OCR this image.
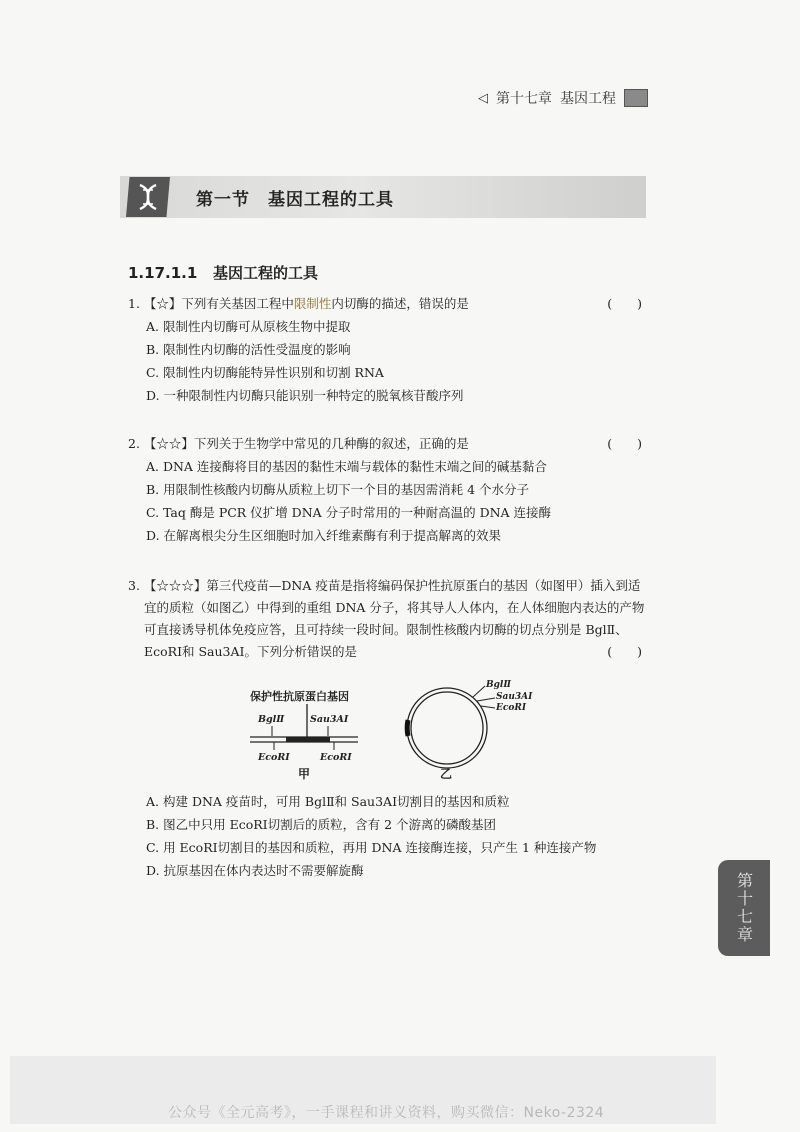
◁ 第十七章 基因工程
第一节　基因工程的工具
1.17.1.1 基因工程的工具
1. 【☆】下列有关基因工程中限制性内切酶的描述，错误的是	(　　)
A. 限制性内切酶可从原核生物中提取
B. 限制性内切酶的活性受温度的影响
C. 限制性内切酶能特异性识别和切割 RNA
D. 一种限制性内切酶只能识别一种特定的脱氧核苷酸序列
2. 【☆☆】下列关于生物学中常见的几种酶的叙述，正确的是	(　　)
A. DNA 连接酶将目的基因的黏性末端与载体的黏性末端之间的碱基黏合
B. 用限制性核酸内切酶从质粒上切下一个目的基因需消耗 4 个水分子
C. Taq 酶是 PCR 仪扩增 DNA 分子时常用的一种耐高温的 DNA 连接酶
D. 在解离根尖分生区细胞时加入纤维素酶有利于提高解离的效果
3. 【☆☆☆】第三代疫苗—DNA 疫苗是指将编码保护性抗原蛋白的基因（如图甲）插入到适
宜的质粒（如图乙）中得到的重组 DNA 分子，将其导人人体内，在人体细胞内表达的产物
可直接诱导机体免疫应答，且可持续一段时间。限制性核酸内切酶的切点分别是 BglⅡ、
EcoRⅠ和 Sau3AⅠ。下列分析错误的是	(　　)
保护性抗原蛋白基因
BglⅡ	Sau3AⅠ
EcoRⅠ	EcoRⅠ
甲
BglⅡ
Sau3AⅠ
EcoRⅠ
乙
A. 构建 DNA 疫苗时，可用 BglⅡ和 Sau3AⅠ切割目的基因和质粒
B. 图乙中只用 EcoRⅠ切割后的质粒，含有 2 个游离的磷酸基团
C. 用 EcoRⅠ切割目的基因和质粒，再用 DNA 连接酶连接，只产生 1 种连接产物
D. 抗原基因在体内表达时不需要解旋酶
第十七章
公众号《全元高考》，一手课程和讲义资料，购买微信：Neko-2324
